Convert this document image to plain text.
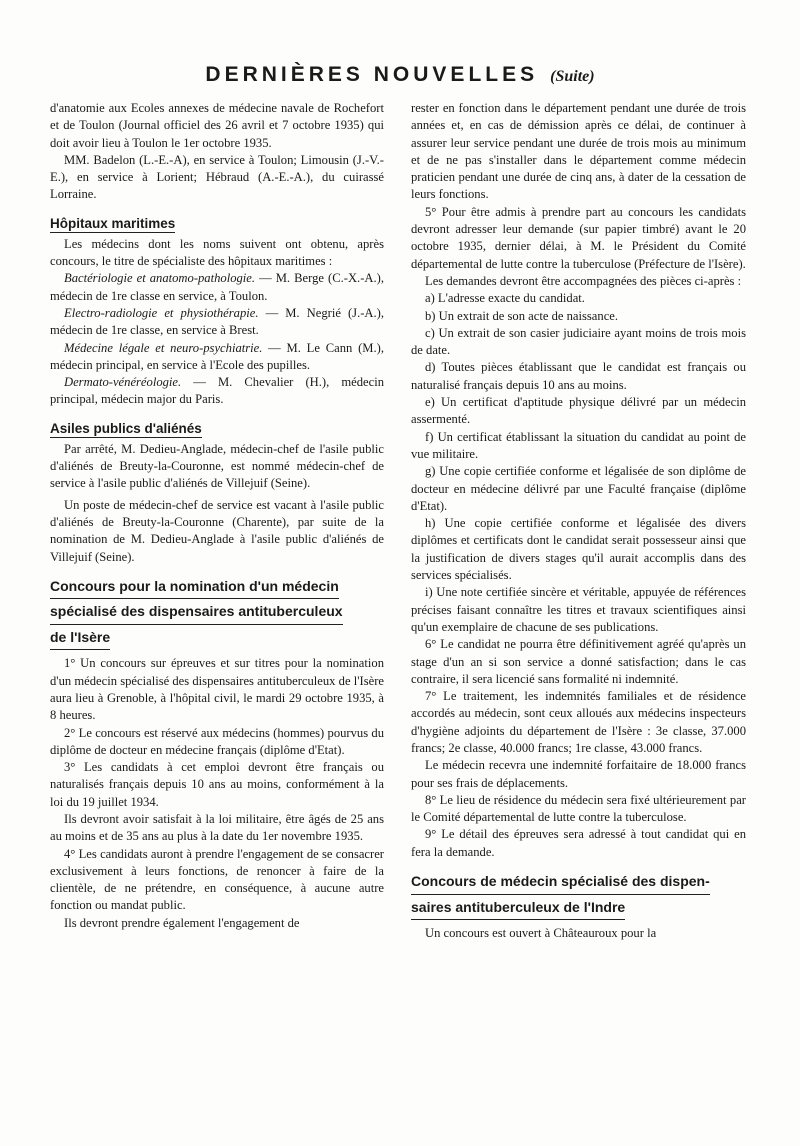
DERNIÈRES NOUVELLES (Suite)

d'anatomie aux Ecoles annexes de médecine navale de Rochefort et de Toulon (Journal officiel des 26 avril et 7 octobre 1935) qui doit avoir lieu à Toulon le 1er octobre 1935.

MM. Badelon (L.-E.-A), en service à Toulon; Limousin (J.-V.-E.), en service à Lorient; Hébraud (A.-E.-A.), du cuirassé Lorraine.

Hôpitaux maritimes

Les médecins dont les noms suivent ont obtenu, après concours, le titre de spécialiste des hôpitaux maritimes :

Bactériologie et anatomo-pathologie. — M. Berge (C.-X.-A.), médecin de 1re classe en service, à Toulon.

Electro-radiologie et physiothérapie. — M. Negrié (J.-A.), médecin de 1re classe, en service à Brest.

Médecine légale et neuro-psychiatrie. — M. Le Cann (M.), médecin principal, en service à l'Ecole des pupilles.

Dermato-vénéréologie. — M. Chevalier (H.), médecin principal, médecin major du Paris.

Asiles publics d'aliénés

Par arrêté, M. Dedieu-Anglade, médecin-chef de l'asile public d'aliénés de Breuty-la-Couronne, est nommé médecin-chef de service à l'asile public d'aliénés de Villejuif (Seine).

Un poste de médecin-chef de service est vacant à l'asile public d'aliénés de Breuty-la-Couronne (Charente), par suite de la nomination de M. Dedieu-Anglade à l'asile public d'aliénés de Villejuif (Seine).

Concours pour la nomination d'un médecin
spécialisé des dispensaires antituberculeux
de l'Isère

1° Un concours sur épreuves et sur titres pour la nomination d'un médecin spécialisé des dispensaires antituberculeux de l'Isère aura lieu à Grenoble, à l'hôpital civil, le mardi 29 octobre 1935, à 8 heures.

2° Le concours est réservé aux médecins (hommes) pourvus du diplôme de docteur en médecine français (diplôme d'Etat).

3° Les candidats à cet emploi devront être français ou naturalisés français depuis 10 ans au moins, conformément à la loi du 19 juillet 1934.

Ils devront avoir satisfait à la loi militaire, être âgés de 25 ans au moins et de 35 ans au plus à la date du 1er novembre 1935.

4° Les candidats auront à prendre l'engagement de se consacrer exclusivement à leurs fonctions, de renoncer à faire de la clientèle, de ne prétendre, en conséquence, à aucune autre fonction ou mandat public.

Ils devront prendre également l'engagement de

rester en fonction dans le département pendant une durée de trois années et, en cas de démission après ce délai, de continuer à assurer leur service pendant une durée de trois mois au minimum et de ne pas s'installer dans le département comme médecin praticien pendant une durée de cinq ans, à dater de la cessation de leurs fonctions.

5° Pour être admis à prendre part au concours les candidats devront adresser leur demande (sur papier timbré) avant le 20 octobre 1935, dernier délai, à M. le Président du Comité départemental de lutte contre la tuberculose (Préfecture de l'Isère).

Les demandes devront être accompagnées des pièces ci-après :

a) L'adresse exacte du candidat.

b) Un extrait de son acte de naissance.

c) Un extrait de son casier judiciaire ayant moins de trois mois de date.

d) Toutes pièces établissant que le candidat est français ou naturalisé français depuis 10 ans au moins.

e) Un certificat d'aptitude physique délivré par un médecin assermenté.

f) Un certificat établissant la situation du candidat au point de vue militaire.

g) Une copie certifiée conforme et légalisée de son diplôme de docteur en médecine délivré par une Faculté française (diplôme d'Etat).

h) Une copie certifiée conforme et légalisée des divers diplômes et certificats dont le candidat serait possesseur ainsi que la justification de divers stages qu'il aurait accomplis dans des services spécialisés.

i) Une note certifiée sincère et véritable, appuyée de références précises faisant connaître les titres et travaux scientifiques ainsi qu'un exemplaire de chacune de ses publications.

6° Le candidat ne pourra être définitivement agréé qu'après un stage d'un an si son service a donné satisfaction; dans le cas contraire, il sera licencié sans formalité ni indemnité.

7° Le traitement, les indemnités familiales et de résidence accordés au médecin, sont ceux alloués aux médecins inspecteurs d'hygiène adjoints du département de l'Isère : 3e classe, 37.000 francs; 2e classe, 40.000 francs; 1re classe, 43.000 francs.

Le médecin recevra une indemnité forfaitaire de 18.000 francs pour ses frais de déplacements.

8° Le lieu de résidence du médecin sera fixé ultérieurement par le Comité départemental de lutte contre la tuberculose.

9° Le détail des épreuves sera adressé à tout candidat qui en fera la demande.

Concours de médecin spécialisé des dispen-
saires antituberculeux de l'Indre

Un concours est ouvert à Châteauroux pour la
